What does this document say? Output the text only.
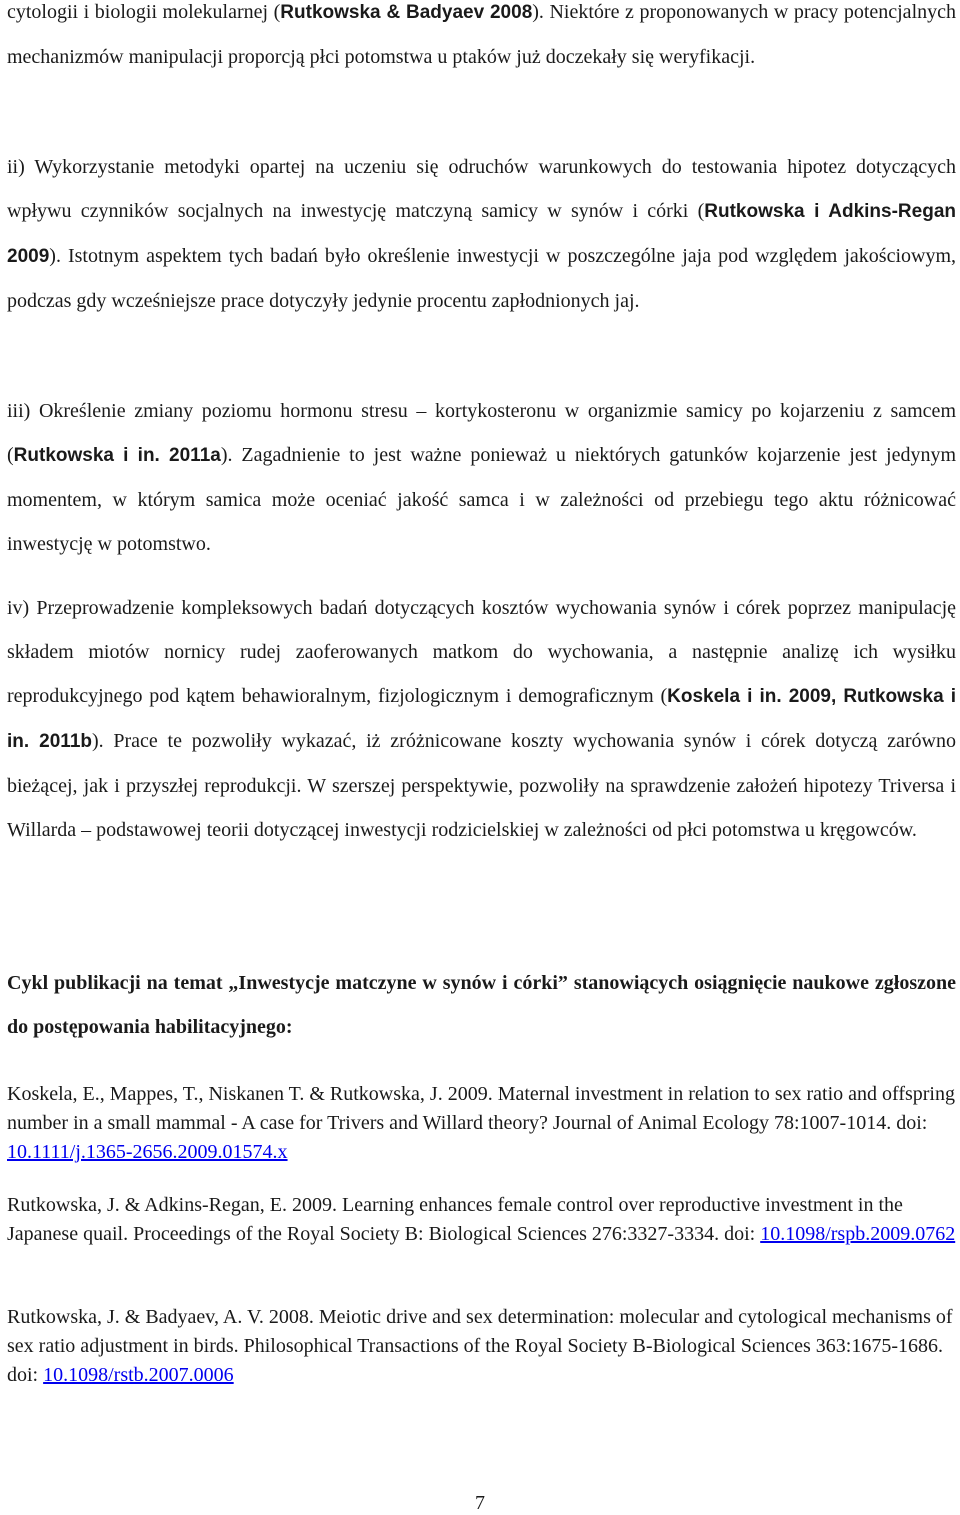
cytologii i biologii molekularnej (Rutkowska & Badyaev 2008). Niektóre z proponowanych w pracy potencjalnych mechanizmów manipulacji proporcją płci potomstwa u ptaków już doczekały się weryfikacji.

ii) Wykorzystanie metodyki opartej na uczeniu się odruchów warunkowych do testowania hipotez dotyczących wpływu czynników socjalnych na inwestycję matczyną samicy w synów i córki (Rutkowska i Adkins-Regan 2009). Istotnym aspektem tych badań było określenie inwestycji w poszczególne jaja pod względem jakościowym, podczas gdy wcześniejsze prace dotyczyły jedynie procentu zapłodnionych jaj.

iii) Określenie zmiany poziomu hormonu stresu – kortykosteronu w organizmie samicy po kojarzeniu z samcem (Rutkowska i in. 2011a). Zagadnienie to jest ważne ponieważ u niektórych gatunków kojarzenie jest jedynym momentem, w którym samica może oceniać jakość samca i w zależności od przebiegu tego aktu różnicować inwestycję w potomstwo.

iv) Przeprowadzenie kompleksowych badań dotyczących kosztów wychowania synów i córek poprzez manipulację składem miotów nornicy rudej zaoferowanych matkom do wychowania, a następnie analizę ich wysiłku reprodukcyjnego pod kątem behawioralnym, fizjologicznym i demograficznym (Koskela i in. 2009, Rutkowska i in. 2011b). Prace te pozwoliły wykazać, iż zróżnicowane koszty wychowania synów i córek dotyczą zarówno bieżącej, jak i przyszłej reprodukcji. W szerszej perspektywie, pozwoliły na sprawdzenie założeń hipotezy Triversa i Willarda – podstawowej teorii dotyczącej inwestycji rodzicielskiej w zależności od płci potomstwa u kręgowców.

Cykl publikacji na temat „Inwestycje matczyne w synów i córki” stanowiących osiągnięcie naukowe zgłoszone do postępowania habilitacyjnego:

Koskela, E., Mappes, T., Niskanen T. & Rutkowska, J. 2009. Maternal investment in relation to sex ratio and offspring number in a small mammal - A case for Trivers and Willard theory? Journal of Animal Ecology 78:1007-1014. doi: 10.1111/j.1365-2656.2009.01574.x

Rutkowska, J. & Adkins-Regan, E. 2009. Learning enhances female control over reproductive investment in the Japanese quail. Proceedings of the Royal Society B: Biological Sciences 276:3327-3334. doi: 10.1098/rspb.2009.0762

Rutkowska, J. & Badyaev, A. V. 2008. Meiotic drive and sex determination: molecular and cytological mechanisms of sex ratio adjustment in birds. Philosophical Transactions of the Royal Society B-Biological Sciences 363:1675-1686. doi: 10.1098/rstb.2007.0006

7
